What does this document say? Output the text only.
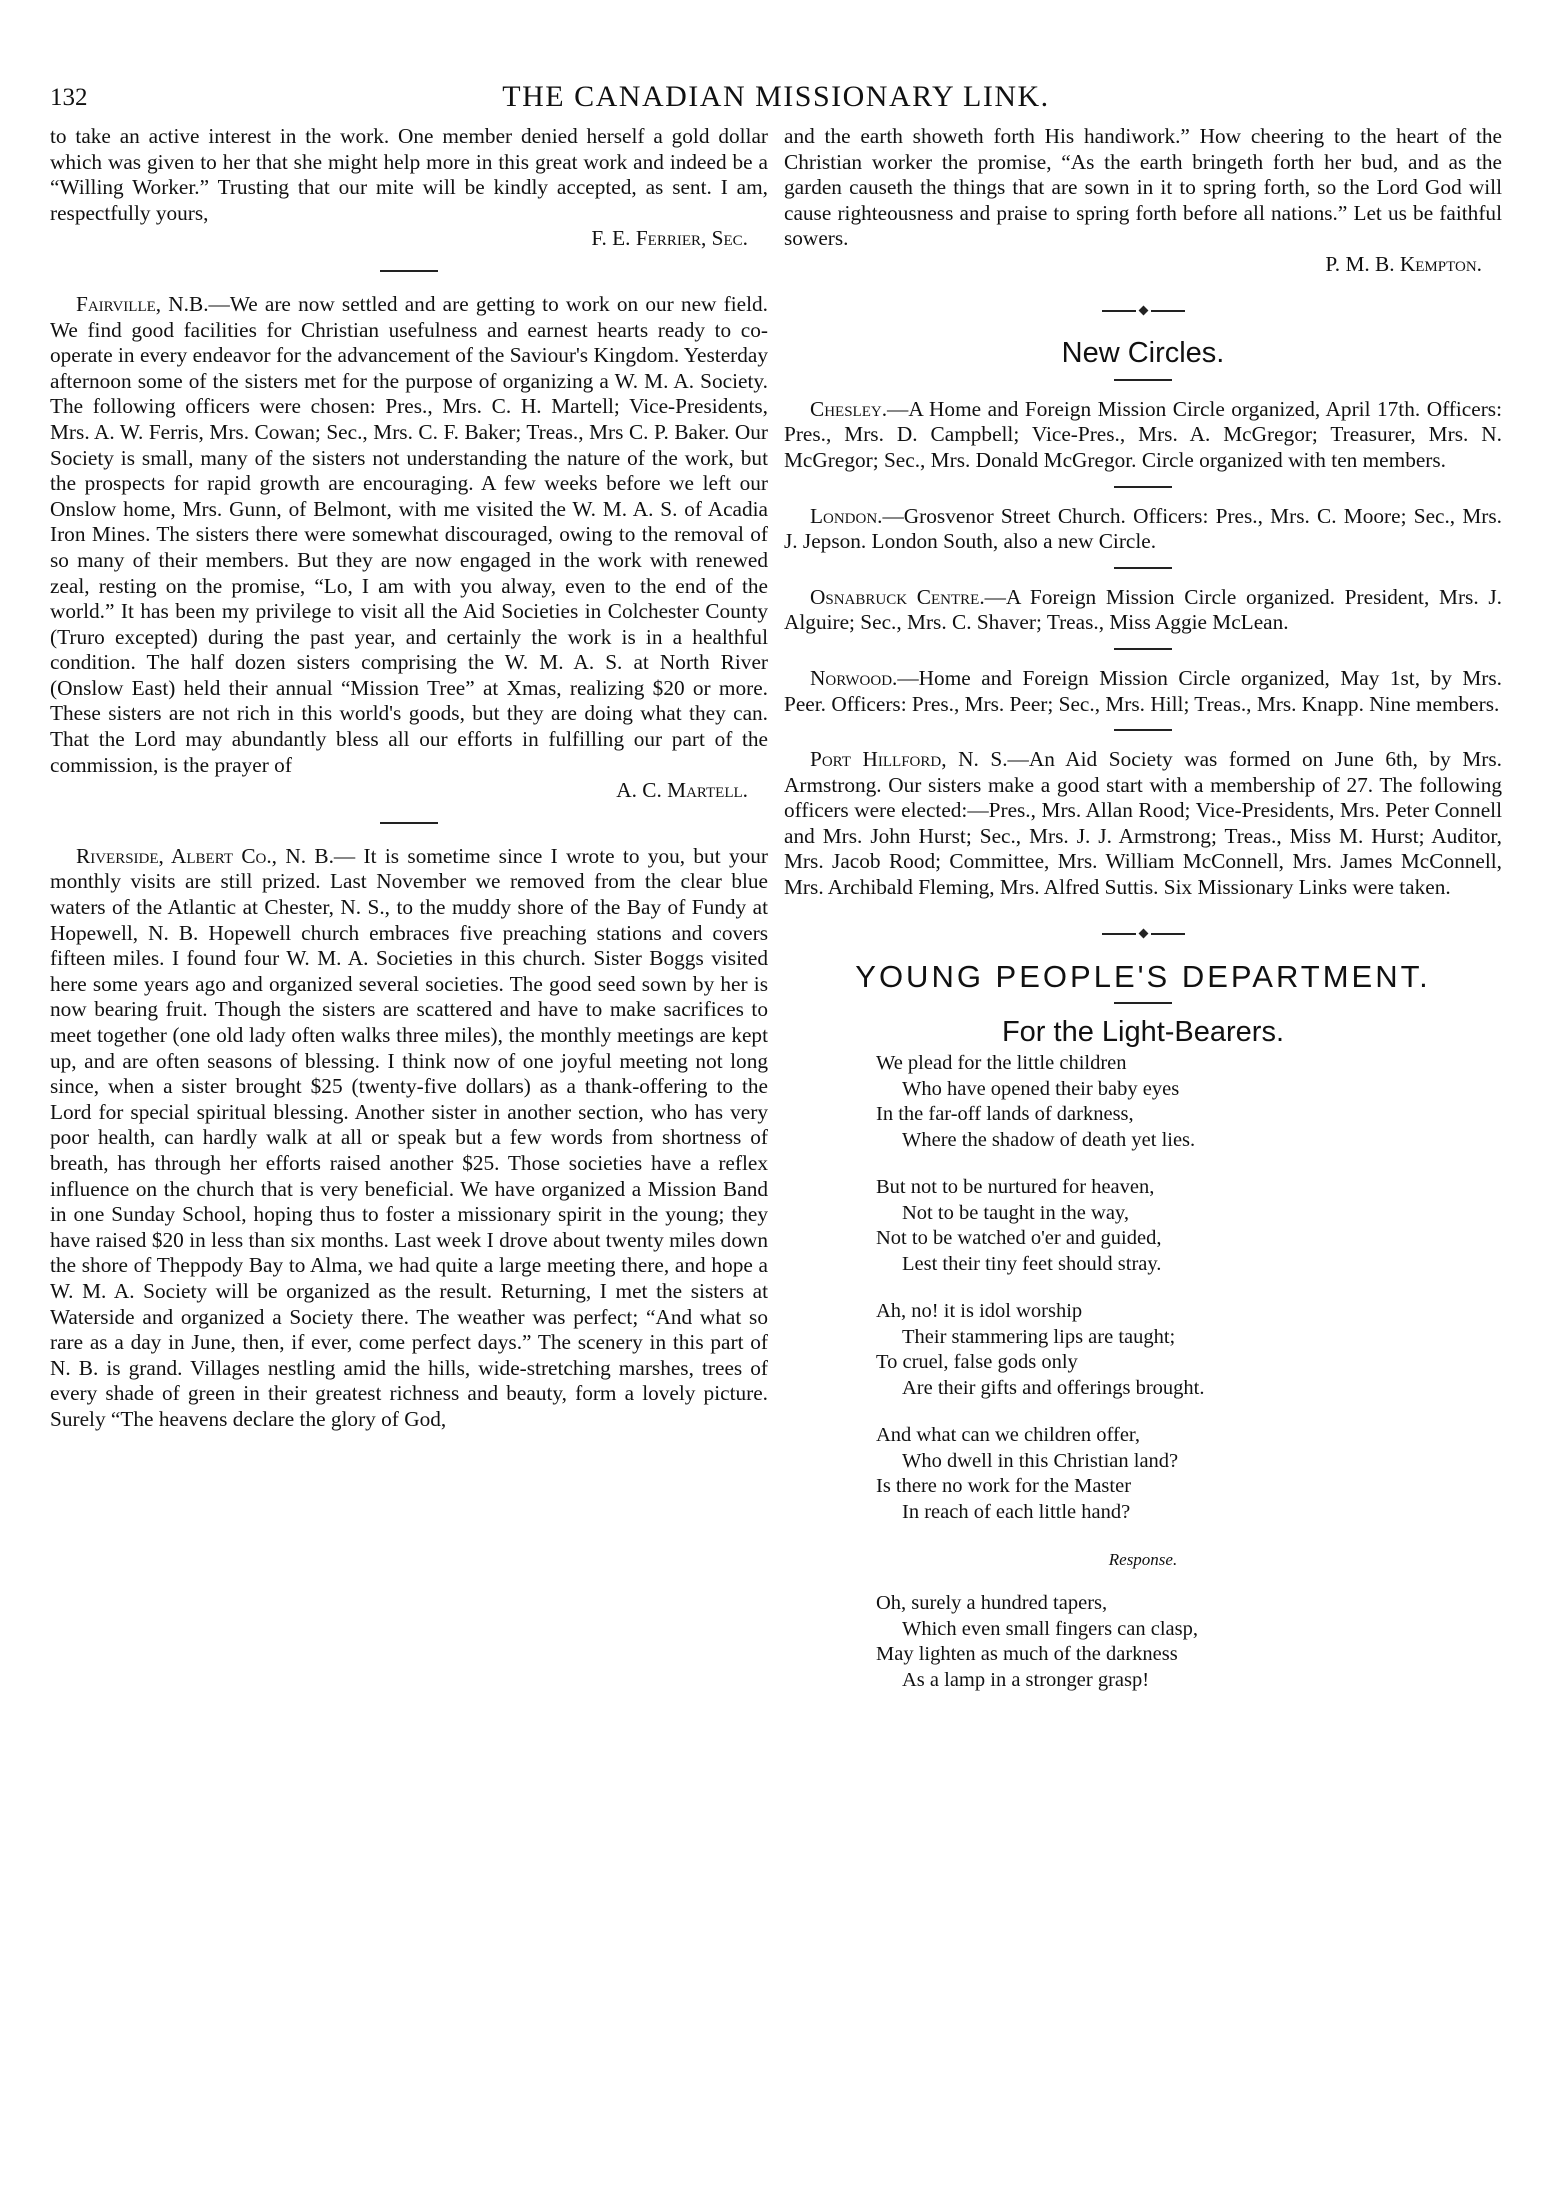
132	THE CANADIAN MISSIONARY LINK.

to take an active interest in the work. One member denied herself a gold dollar which was given to her that she might help more in this great work and indeed be a “Willing Worker.” Trusting that our mite will be kindly accepted, as sent. I am, respectfully yours,

F. E. Ferrier, Sec.

Fairville, N.B.—We are now settled and are getting to work on our new field. We find good facilities for Christian usefulness and earnest hearts ready to co-operate in every endeavor for the advancement of the Saviour's Kingdom. Yesterday afternoon some of the sisters met for the purpose of organizing a W. M. A. Society. The following officers were chosen: Pres., Mrs. C. H. Martell; Vice-Presidents, Mrs. A. W. Ferris, Mrs. Cowan; Sec., Mrs. C. F. Baker; Treas., Mrs C. P. Baker. Our Society is small, many of the sisters not understanding the nature of the work, but the prospects for rapid growth are encouraging. A few weeks before we left our Onslow home, Mrs. Gunn, of Belmont, with me visited the W. M. A. S. of Acadia Iron Mines. The sisters there were somewhat discouraged, owing to the removal of so many of their members. But they are now engaged in the work with renewed zeal, resting on the promise, “Lo, I am with you alway, even to the end of the world.” It has been my privilege to visit all the Aid Societies in Colchester County (Truro excepted) during the past year, and certainly the work is in a healthful condition. The half dozen sisters comprising the W. M. A. S. at North River (Onslow East) held their annual “Mission Tree” at Xmas, realizing $20 or more. These sisters are not rich in this world's goods, but they are doing what they can. That the Lord may abundantly bless all our efforts in fulfilling our part of the commission, is the prayer of

A. C. Martell.

Riverside, Albert Co., N. B.— It is sometime since I wrote to you, but your monthly visits are still prized. Last November we removed from the clear blue waters of the Atlantic at Chester, N. S., to the muddy shore of the Bay of Fundy at Hopewell, N. B. Hopewell church embraces five preaching stations and covers fifteen miles. I found four W. M. A. Societies in this church. Sister Boggs visited here some years ago and organized several societies. The good seed sown by her is now bearing fruit. Though the sisters are scattered and have to make sacrifices to meet together (one old lady often walks three miles), the monthly meetings are kept up, and are often seasons of blessing. I think now of one joyful meeting not long since, when a sister brought $25 (twenty-five dollars) as a thank-offering to the Lord for special spiritual blessing. Another sister in another section, who has very poor health, can hardly walk at all or speak but a few words from shortness of breath, has through her efforts raised another $25. Those societies have a reflex influence on the church that is very beneficial. We have organized a Mission Band in one Sunday School, hoping thus to foster a missionary spirit in the young; they have raised $20 in less than six months. Last week I drove about twenty miles down the shore of Theppody Bay to Alma, we had quite a large meeting there, and hope a W. M. A. Society will be organized as the result. Returning, I met the sisters at Waterside and organized a Society there. The weather was perfect; “And what so rare as a day in June, then, if ever, come perfect days.” The scenery in this part of N. B. is grand. Villages nestling amid the hills, wide-stretching marshes, trees of every shade of green in their greatest richness and beauty, form a lovely picture. Surely “The heavens declare the glory of God,

and the earth showeth forth His handiwork.” How cheering to the heart of the Christian worker the promise, “As the earth bringeth forth her bud, and as the garden causeth the things that are sown in it to spring forth, so the Lord God will cause righteousness and praise to spring forth before all nations.” Let us be faithful sowers.

P. M. B. Kempton.
New Circles.

Chesley.—A Home and Foreign Mission Circle organized, April 17th. Officers: Pres., Mrs. D. Campbell; Vice-Pres., Mrs. A. McGregor; Treasurer, Mrs. N. McGregor; Sec., Mrs. Donald McGregor. Circle organized with ten members.

London.—Grosvenor Street Church. Officers: Pres., Mrs. C. Moore; Sec., Mrs. J. Jepson. London South, also a new Circle.

Osnabruck Centre.—A Foreign Mission Circle organized. President, Mrs. J. Alguire; Sec., Mrs. C. Shaver; Treas., Miss Aggie McLean.

Norwood.—Home and Foreign Mission Circle organized, May 1st, by Mrs. Peer. Officers: Pres., Mrs. Peer; Sec., Mrs. Hill; Treas., Mrs. Knapp. Nine members.

Port Hillford, N. S.—An Aid Society was formed on June 6th, by Mrs. Armstrong. Our sisters make a good start with a membership of 27. The following officers were elected:—Pres., Mrs. Allan Rood; Vice-Presidents, Mrs. Peter Connell and Mrs. John Hurst; Sec., Mrs. J. J. Armstrong; Treas., Miss M. Hurst; Auditor, Mrs. Jacob Rood; Committee, Mrs. William McConnell, Mrs. James McConnell, Mrs. Archibald Fleming, Mrs. Alfred Suttis. Six Missionary Links were taken.

YOUNG PEOPLE'S DEPARTMENT.
For the Light-Bearers.
We plead for the little children
Who have opened their baby eyes
In the far-off lands of darkness,
Where the shadow of death yet lies.
But not to be nurtured for heaven,
Not to be taught in the way,
Not to be watched o'er and guided,
Lest their tiny feet should stray.
Ah, no! it is idol worship
Their stammering lips are taught;
To cruel, false gods only
Are their gifts and offerings brought.
And what can we children offer,
Who dwell in this Christian land?
Is there no work for the Master
In reach of each little hand?
Response.
Oh, surely a hundred tapers,
Which even small fingers can clasp,
May lighten as much of the darkness
As a lamp in a stronger grasp!
